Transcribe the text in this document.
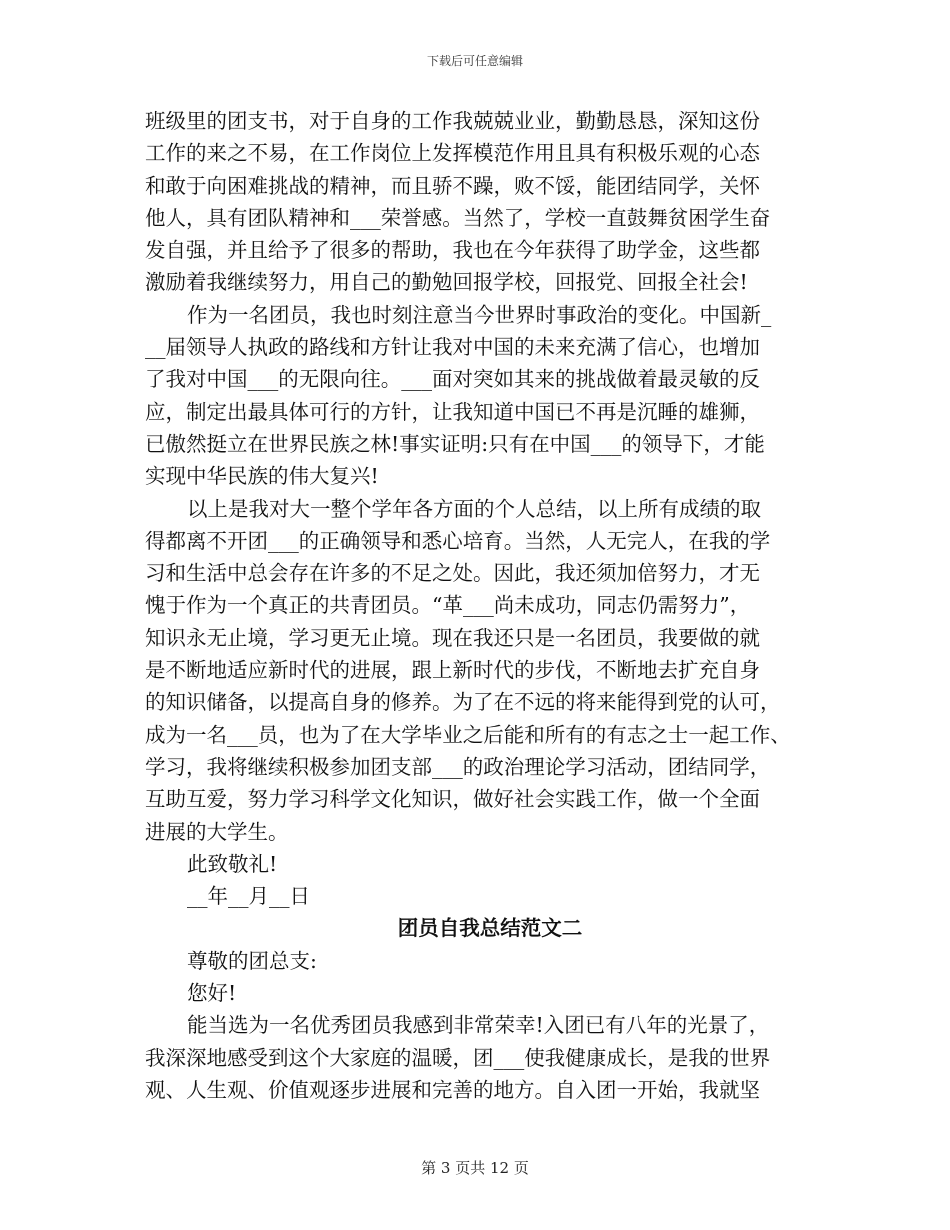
下载后可任意编辑
班级里的团支书，对于自身的工作我兢兢业业，勤勤恳恳，深知这份
工作的来之不易，在工作岗位上发挥模范作用且具有积极乐观的心态
和敢于向困难挑战的精神，而且骄不躁，败不馁，能团结同学，关怀
他人，具有团队精神和___荣誉感。当然了，学校一直鼓舞贫困学生奋
发自强，并且给予了很多的帮助，我也在今年获得了助学金，这些都
激励着我继续努力，用自己的勤勉回报学校，回报党、回报全社会!
作为一名团员，我也时刻注意当今世界时事政治的变化。中国新_
__届领导人执政的路线和方针让我对中国的未来充满了信心，也增加
了我对中国___的无限向往。___面对突如其来的挑战做着最灵敏的反
应，制定出最具体可行的方针，让我知道中国已不再是沉睡的雄狮，
已傲然挺立在世界民族之林!事实证明:只有在中国___的领导下，才能
实现中华民族的伟大复兴!
以上是我对大一整个学年各方面的个人总结，以上所有成绩的取
得都离不开团___的正确领导和悉心培育。当然，人无完人，在我的学
习和生活中总会存在许多的不足之处。因此，我还须加倍努力，才无
愧于作为一个真正的共青团员。“革___尚未成功，同志仍需努力”，
知识永无止境，学习更无止境。现在我还只是一名团员，我要做的就
是不断地适应新时代的进展，跟上新时代的步伐，不断地去扩充自身
的知识储备，以提高自身的修养。为了在不远的将来能得到党的认可，
成为一名___员，也为了在大学毕业之后能和所有的有志之士一起工作、
学习，我将继续积极参加团支部___的政治理论学习活动，团结同学，
互助互爱，努力学习科学文化知识，做好社会实践工作，做一个全面
进展的大学生。
此致敬礼!
__年__月__日
团员自我总结范文二
尊敬的团总支:
您好!
能当选为一名优秀团员我感到非常荣幸!入团已有八年的光景了，
我深深地感受到这个大家庭的温暖，团___使我健康成长，是我的世界
观、人生观、价值观逐步进展和完善的地方。自入团一开始，我就坚
第 3 页共 12 页
